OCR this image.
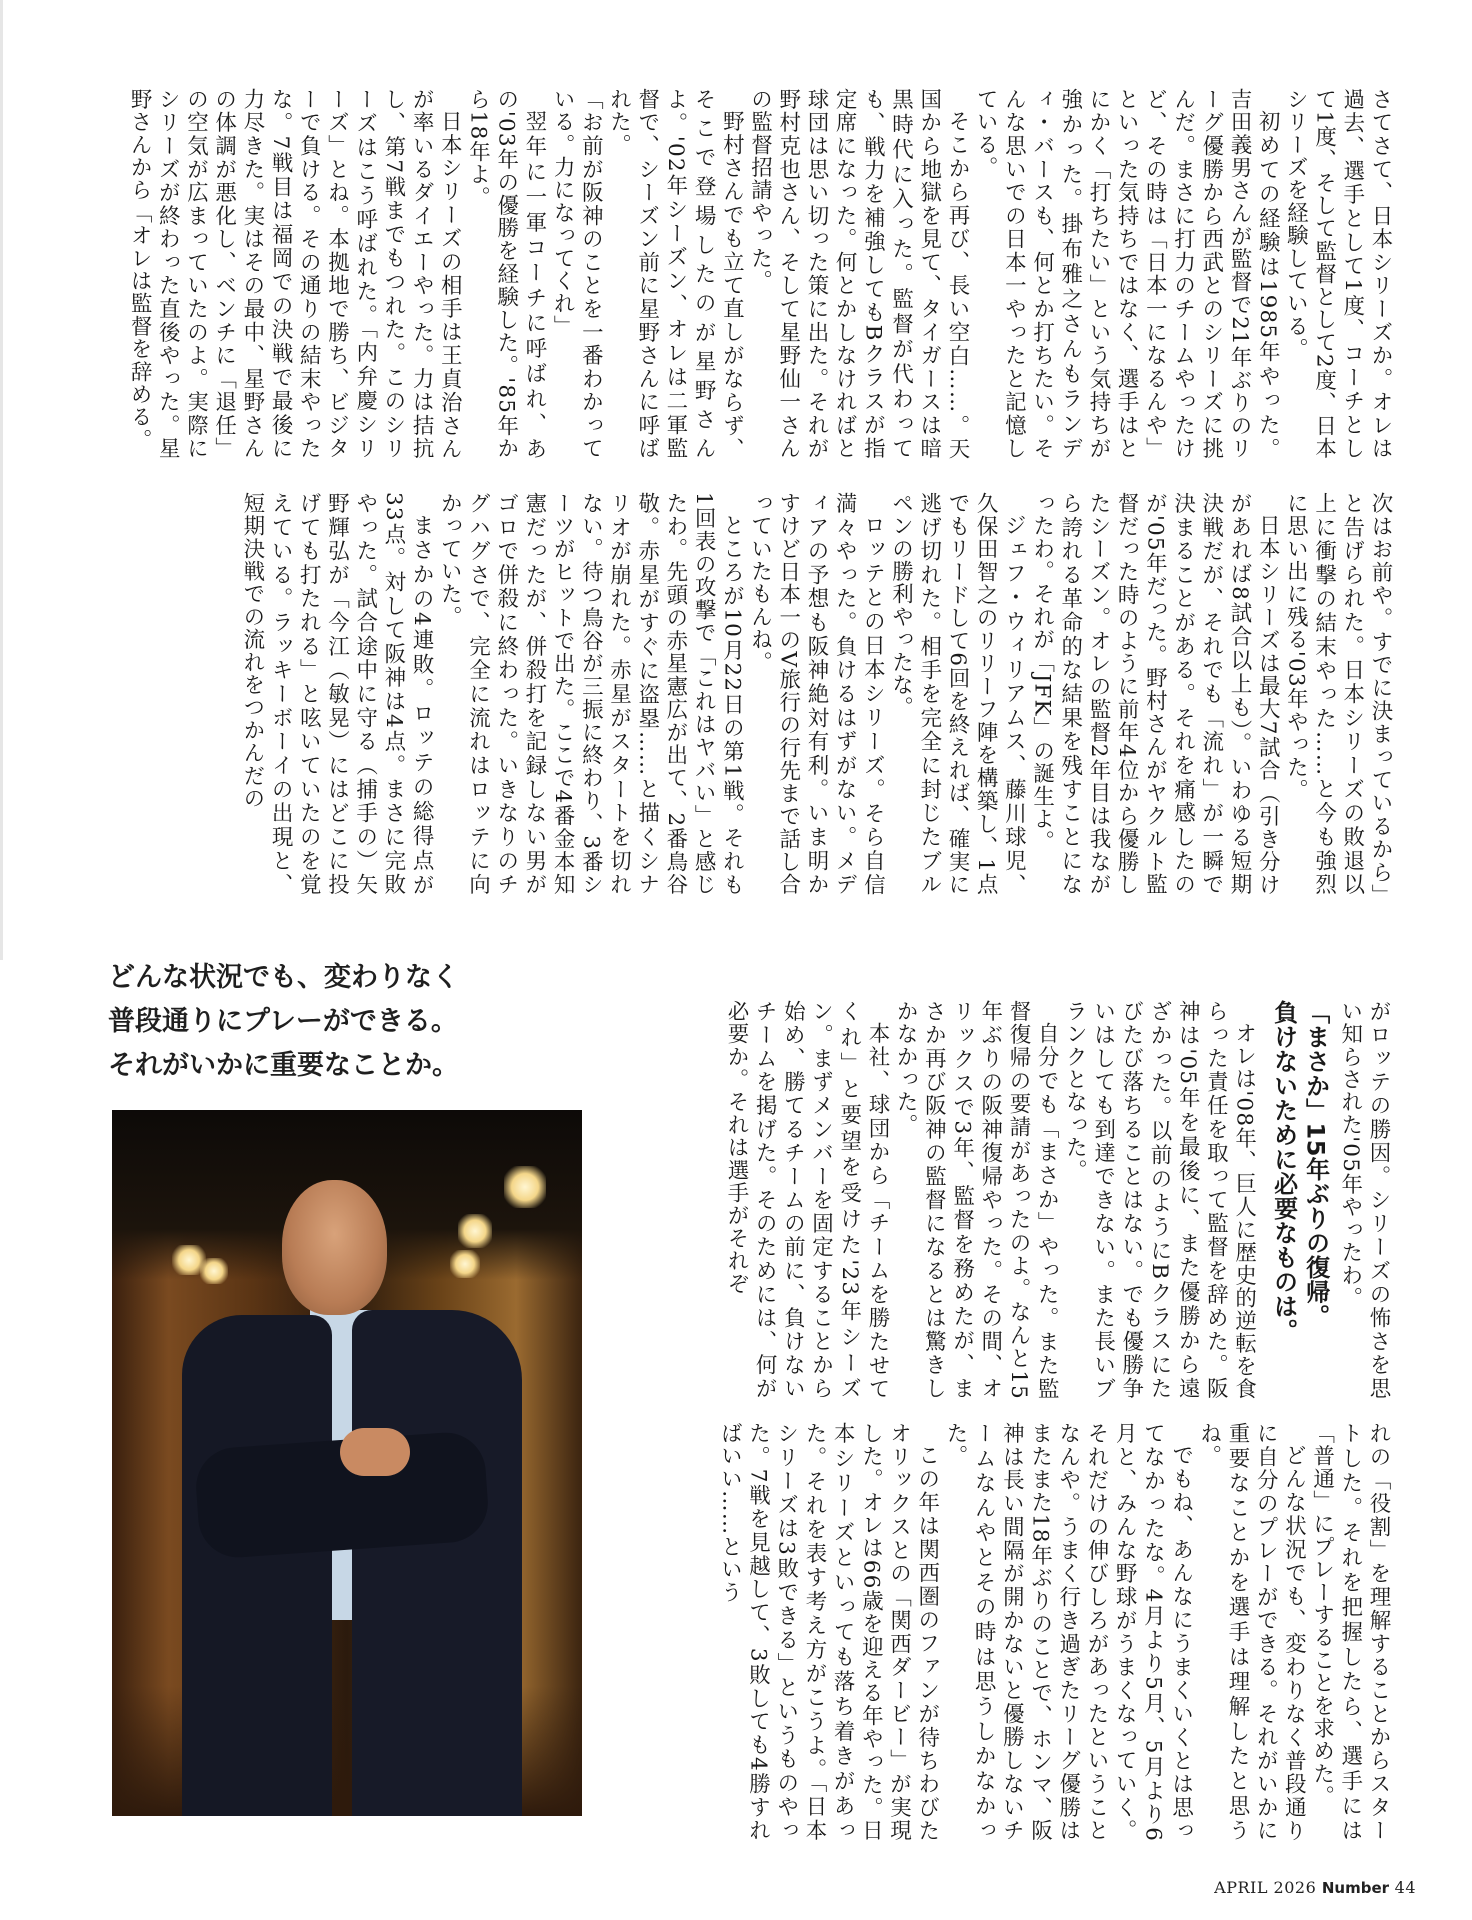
さてさて、日本シリーズか。オレは過去、選手として1度、コーチとして1度、そして監督として2度、日本シリーズを経験している。

初めての経験は1985年やった。吉田義男さんが監督で21年ぶりのリーグ優勝から西武とのシリーズに挑んだ。まさに打力のチームやったけど、その時は「日本一になるんや」といった気持ちではなく、選手はとにかく「打ちたい」という気持ちが強かった。掛布雅之さんもランディ・バースも、何とか打ちたい。そんな思いでの日本一やったと記憶している。

そこから再び、長い空白……。天国から地獄を見て、タイガースは暗黒時代に入った。監督が代わっても、戦力を補強してもBクラスが指定席になった。何とかしなければと球団は思い切った策に出た。それが野村克也さん、そして星野仙一さんの監督招請やった。

野村さんでも立て直しがならず、そこで登場したのが星野さんよ。'02年シーズン、オレは二軍監督で、シーズン前に星野さんに呼ばれた。

「お前が阪神のことを一番わかっている。力になってくれ」

翌年に一軍コーチに呼ばれ、あの'03年の優勝を経験した。'85年から18年よ。

日本シリーズの相手は王貞治さんが率いるダイエーやった。力は拮抗し、第7戦までもつれた。このシリーズはこう呼ばれた。「内弁慶シリーズ」とね。本拠地で勝ち、ビジターで負ける。その通りの結末やったな。7戦目は福岡での決戦で最後に力尽きた。実はその最中、星野さんの体調が悪化し、ベンチに「退任」の空気が広まっていたのよ。実際にシリーズが終わった直後やった。星野さんから「オレは監督を辞める。

次はお前や。すでに決まっているから」と告げられた。日本シリーズの敗退以上に衝撃の結末やった……と今も強烈に思い出に残る'03年やった。

日本シリーズは最大7試合（引き分けがあれば8試合以上も）。いわゆる短期決戦だが、それでも「流れ」が一瞬で決まることがある。それを痛感したのが'05年だった。野村さんがヤクルト監督だった時のように前年4位から優勝したシーズン。オレの監督2年目は我ながら誇れる革命的な結果を残すことになったわ。それが「JFK」の誕生よ。

ジェフ・ウィリアムス、藤川球児、久保田智之のリリーフ陣を構築し、1点でもリードして6回を終えれば、確実に逃げ切れた。相手を完全に封じたブルペンの勝利やったな。

ロッテとの日本シリーズ。そら自信満々やった。負けるはずがない。メディアの予想も阪神絶対有利。いま明かすけど日本一のV旅行の行先まで話し合っていたもんね。

ところが10月22日の第1戦。それも1回表の攻撃で「これはヤバい」と感じたわ。先頭の赤星憲広が出て、2番鳥谷敬。赤星がすぐに盗塁……と描くシナリオが崩れた。赤星がスタートを切れない。待つ鳥谷が三振に終わり、3番シーツがヒットで出た。ここで4番金本知憲だったが、併殺打を記録しない男がゴロで併殺に終わった。いきなりのチグハグさで、完全に流れはロッテに向かっていた。

まさかの4連敗。ロッテの総得点が33点。対して阪神は4点。まさに完敗やった。試合途中に守る（捕手の）矢野輝弘が「今江（敏晃）にはどこに投げても打たれる」と呟いていたのを覚えている。ラッキーボーイの出現と、短期決戦での流れをつかんだの

どんな状況でも、変わりなく
普段通りにプレーができる。
それがいかに重要なことか。	がロッテの勝因。シリーズの怖さを思い知らされた'05年やったわ。

「まさか」15年ぶりの復帰。
負けないために必要なものは。

オレは'08年、巨人に歴史的逆転を食らった責任を取って監督を辞めた。阪神は'05年を最後に、また優勝から遠ざかった。以前のようにBクラスにたびたび落ちることはない。でも優勝争いはしても到達できない。また長いブランクとなった。

自分でも「まさか」やった。また監督復帰の要請があったのよ。なんと15年ぶりの阪神復帰やった。その間、オリックスで3年、監督を務めたが、まさか再び阪神の監督になるとは驚きしかなかった。

本社、球団から「チームを勝たせてくれ」と要望を受けた'23年シーズン。まずメンバーを固定することから始め、勝てるチームの前に、負けないチームを掲げた。そのためには、何が必要か。それは選手がそれぞ

れの「役割」を理解することからスタートした。それを把握したら、選手には「普通」にプレーすることを求めた。

どんな状況でも、変わりなく普段通りに自分のプレーができる。それがいかに重要なことかを選手は理解したと思うね。

でもね、あんなにうまくいくとは思ってなかったな。4月より5月、5月より6月と、みんな野球がうまくなっていく。それだけの伸びしろがあったということなんや。うまく行き過ぎたリーグ優勝はまたまた18年ぶりのことで、ホンマ、阪神は長い間隔が開かないと優勝しないチームなんやとその時は思うしかなかった。

この年は関西圏のファンが待ちわびたオリックスとの「関西ダービー」が実現した。オレは66歳を迎える年やった。日本シリーズといっても落ち着きがあった。それを表す考え方がこうよ。「日本シリーズは3敗できる」というものやった。7戦を見越して、3敗しても4勝すればいい……という

APRIL 2026 Number 44
